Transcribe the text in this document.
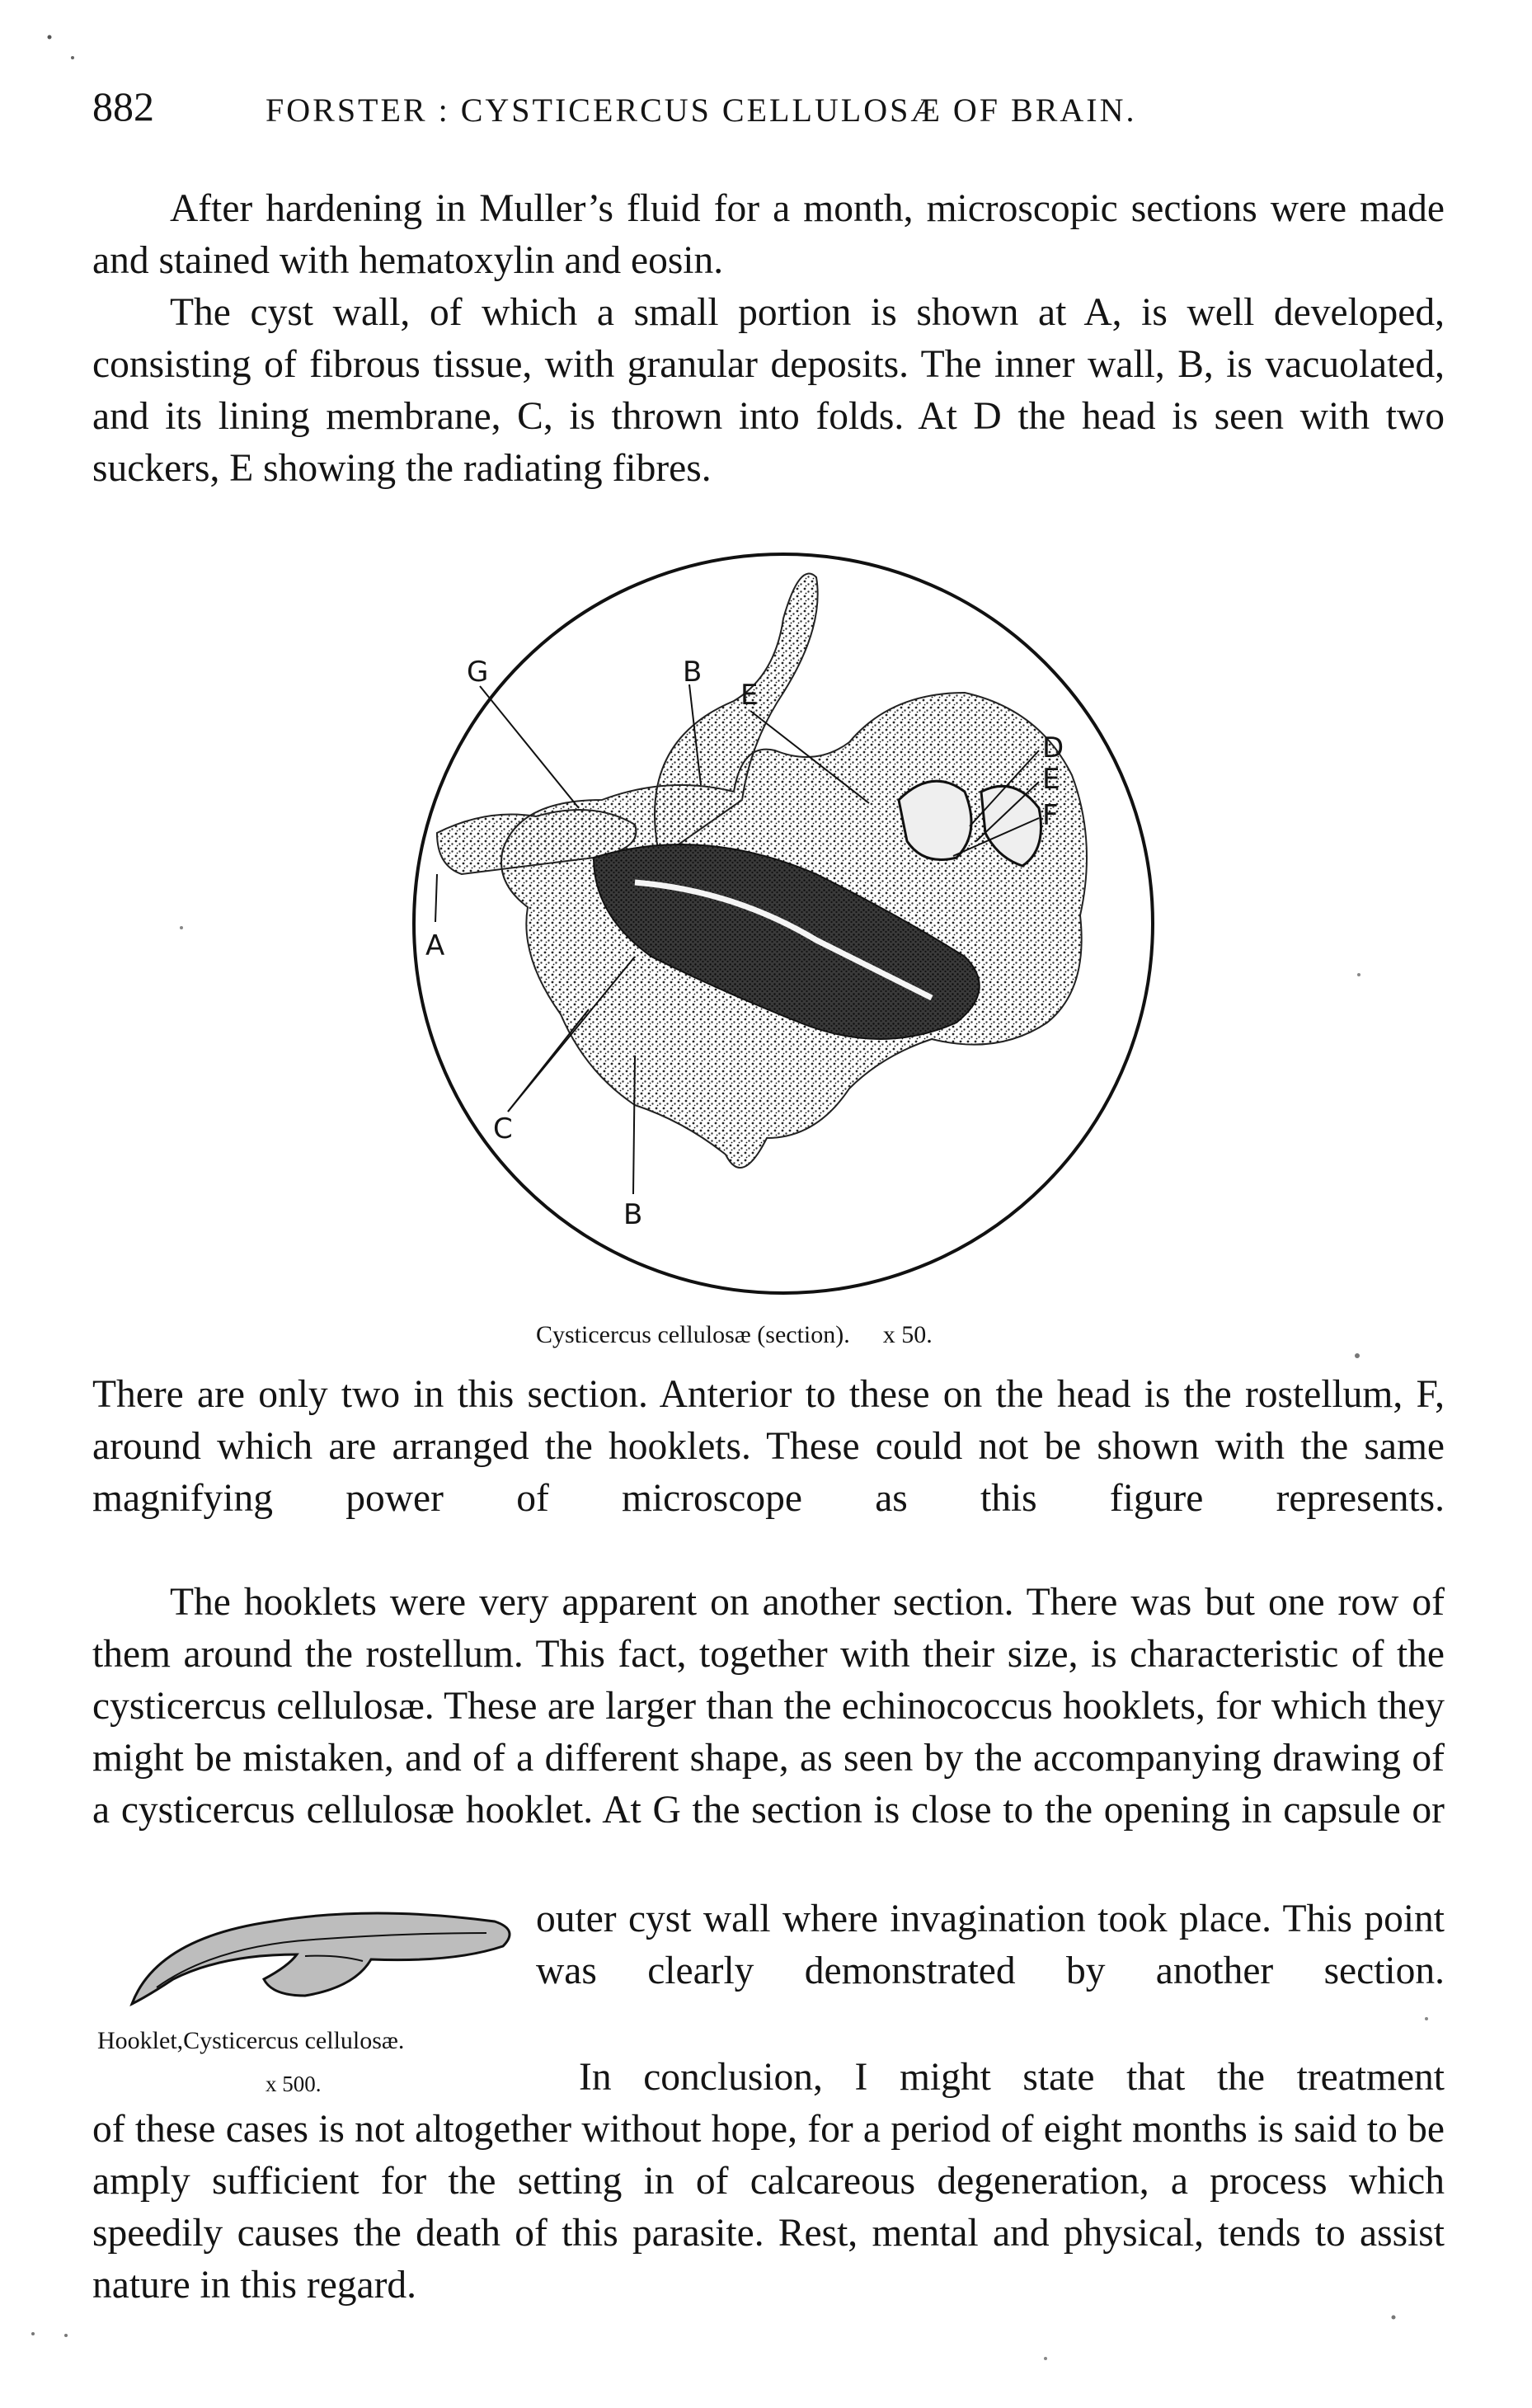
882	FORSTER : CYSTICERCUS CELLULOSÆ OF BRAIN.

After hardening in Muller’s fluid for a month, microscopic sections were made and stained with hematoxylin and eosin.

The cyst wall, of which a small portion is shown at A, is well developed, consisting of fibrous tissue, with granular deposits. The inner wall, B, is vacuolated, and its lining membrane, C, is thrown into folds. At D the head is seen with two suckers, E showing the radiating fibres.

G	B
E
A
D
E
F
C
B
Cysticercus cellulosæ (section). x 50.

There are only two in this section. Anterior to these on the head is the rostellum, F, around which are arranged the hooklets. These could not be shown with the same magnifying power of microscope as this figure represents.

The hooklets were very apparent on another section. There was but one row of them around the rostellum. This fact, together with their size, is characteristic of the cysticercus cellulosæ. These are larger than the echinococcus hooklets, for which they might be mistaken, and of a different shape, as seen by the accompanying drawing of a cysticercus cellulosæ hooklet. At G the section is close to the opening in capsule or

outer cyst wall where invagination took place. This point was clearly demonstrated by another section.

Hooklet,Cysticercus cellulosæ.
x 500.	In conclusion, I might state that the treatment

of these cases is not altogether without hope, for a period of eight months is said to be amply sufficient for the setting in of calcareous degeneration, a process which speedily causes the death of this parasite. Rest, mental and physical, tends to assist nature in this regard.
